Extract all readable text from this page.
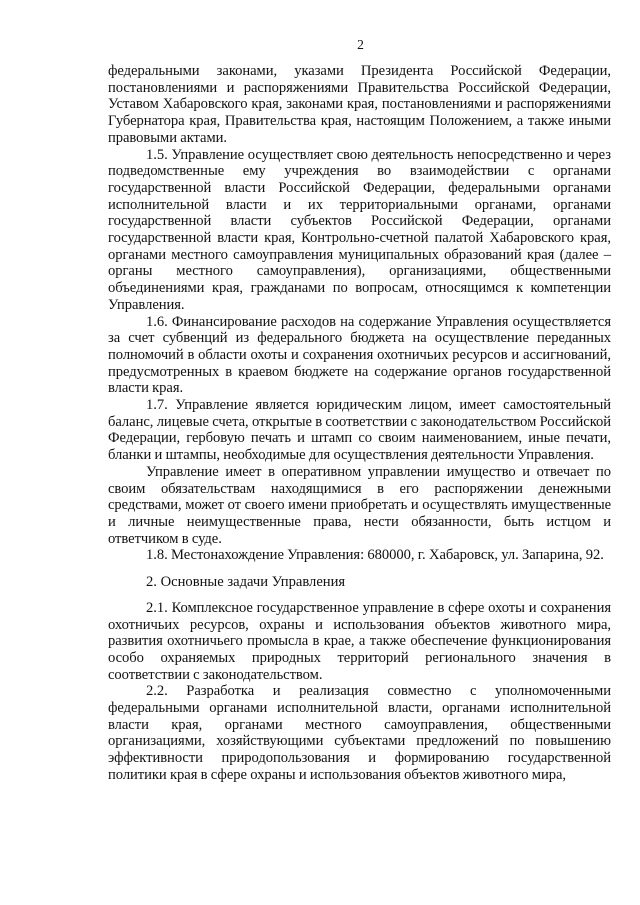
2

федеральными законами, указами Президента Российской Федерации, постановлениями и распоряжениями Правительства Российской Федерации, Уставом Хабаровского края, законами края, постановлениями и распоряжениями Губернатора края, Правительства края, настоящим Положением, а также иными правовыми актами.

1.5. Управление осуществляет свою деятельность непосредственно и через подведомственные ему учреждения во взаимодействии с органами государственной власти Российской Федерации, федеральными органами исполнительной власти и их территориальными органами, органами государственной власти субъектов Российской Федерации, органами государственной власти края, Контрольно-счетной палатой Хабаровского края, органами местного самоуправления муниципальных образований края (далее – органы местного самоуправления), организациями, общественными объединениями края, гражданами по вопросам, относящимся к компетенции Управления.

1.6. Финансирование расходов на содержание Управления осуществляется за счет субвенций из федерального бюджета на осуществление переданных полномочий в области охоты и сохранения охотничьих ресурсов и ассигнований, предусмотренных в краевом бюджете на содержание органов государственной власти края.

1.7. Управление является юридическим лицом, имеет самостоятельный баланс, лицевые счета, открытые в соответствии с законодательством Российской Федерации, гербовую печать и штамп со своим наименованием, иные печати, бланки и штампы, необходимые для осуществления деятельности Управления.

Управление имеет в оперативном управлении имущество и отвечает по своим обязательствам находящимися в его распоряжении денежными средствами, может от своего имени приобретать и осуществлять имущественные и личные неимущественные права, нести обязанности, быть истцом и ответчиком в суде.

1.8. Местонахождение Управления: 680000, г. Хабаровск, ул. Запарина, 92.

2. Основные задачи Управления

2.1. Комплексное государственное управление в сфере охоты и сохранения охотничьих ресурсов, охраны и использования объектов животного мира, развития охотничьего промысла в крае, а также обеспечение функционирования особо охраняемых природных территорий регионального значения в соответствии с законодательством.

2.2. Разработка и реализация совместно с уполномоченными федеральными органами исполнительной власти, органами исполнительной власти края, органами местного самоуправления, общественными организациями, хозяйствующими субъектами предложений по повышению эффективности природопользования и формированию государственной политики края в сфере охраны и использования объектов животного мира,
